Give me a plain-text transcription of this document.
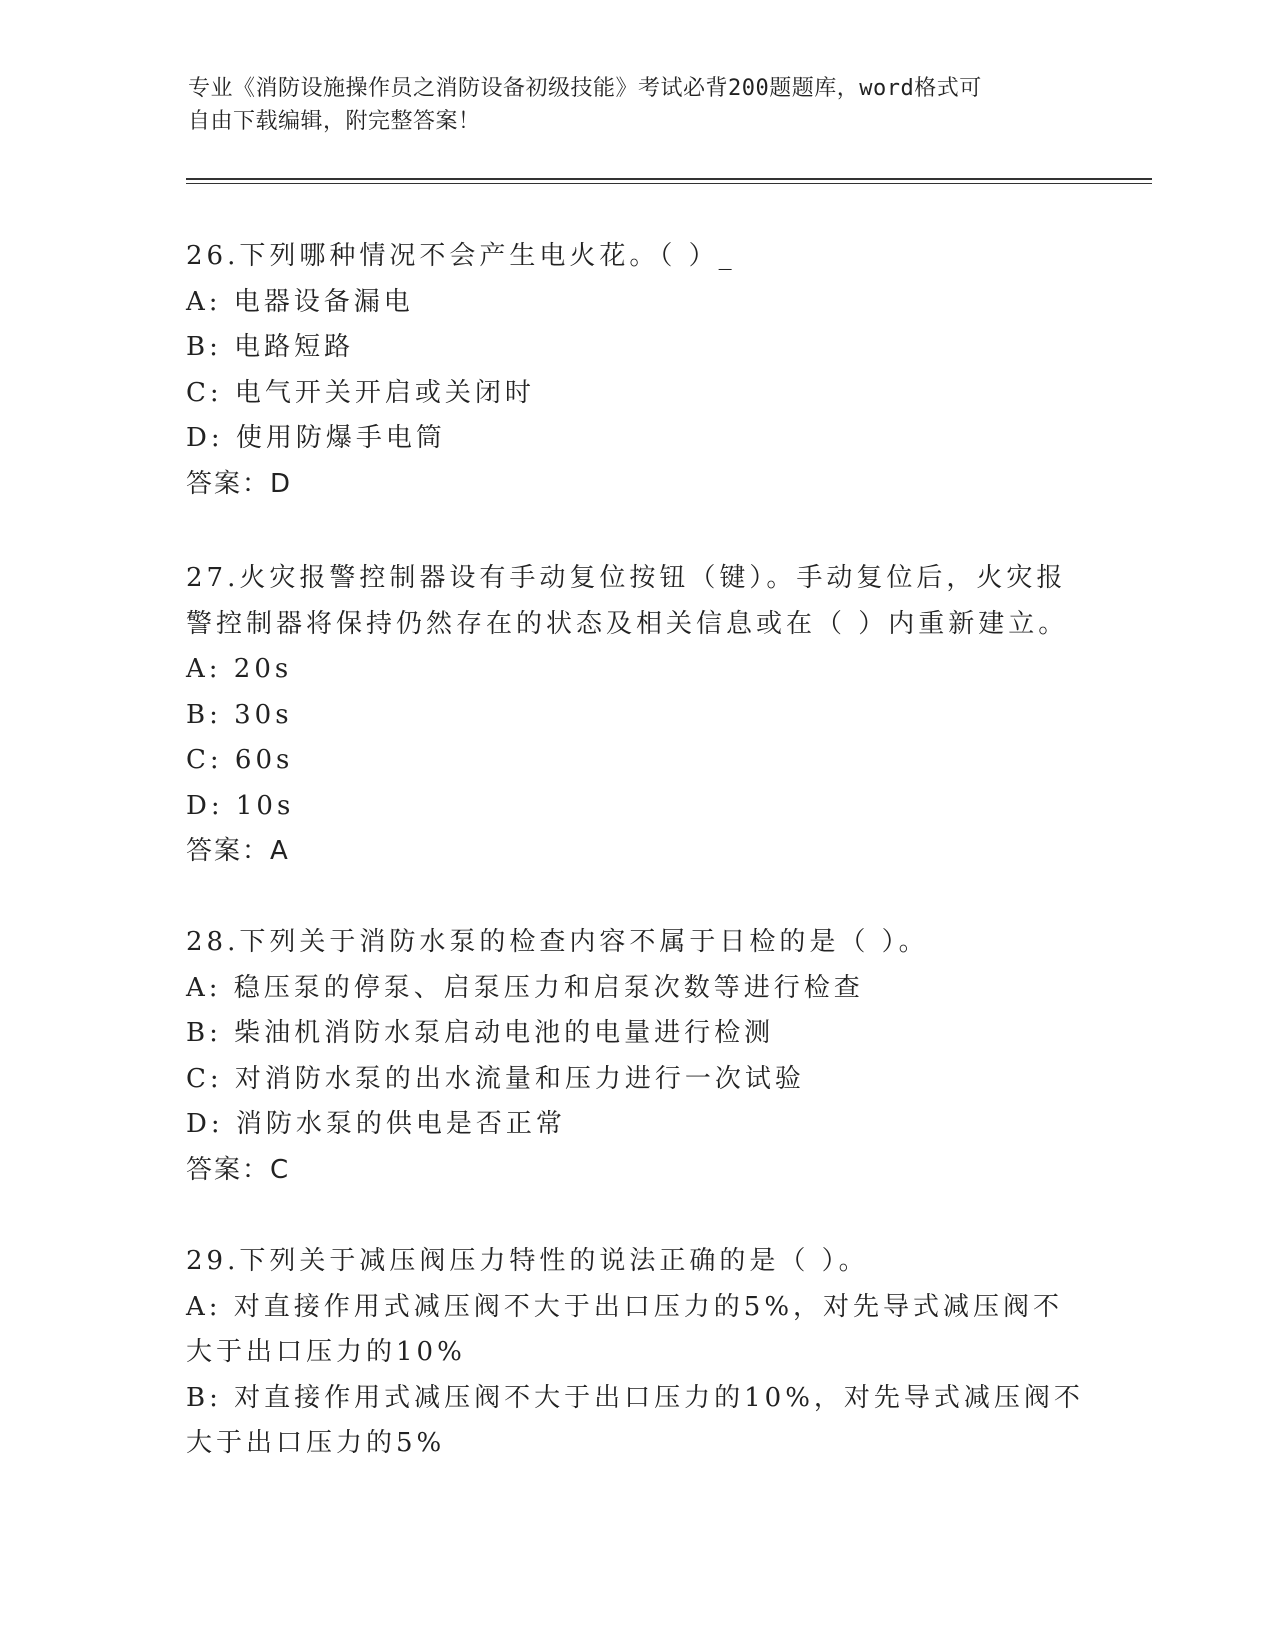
专业《消防设施操作员之消防设备初级技能》考试必背200题题库，word格式可
自由下载编辑，附完整答案！

26.下列哪种情况不会产生电火花。（ ）_

A: 电器设备漏电

B: 电路短路

C: 电气开关开启或关闭时

D: 使用防爆手电筒

答案：D

27.火灾报警控制器设有手动复位按钮（键）。手动复位后，火灾报警控制器将保持仍然存在的状态及相关信息或在（ ）内重新建立。

A: 20s

B: 30s

C: 60s

D: 10s

答案：A

28.下列关于消防水泵的检查内容不属于日检的是（ ）。

A: 稳压泵的停泵、启泵压力和启泵次数等进行检查

B: 柴油机消防水泵启动电池的电量进行检测

C: 对消防水泵的出水流量和压力进行一次试验

D: 消防水泵的供电是否正常

答案：C

29.下列关于减压阀压力特性的说法正确的是（ ）。

A: 对直接作用式减压阀不大于出口压力的5%，对先导式减压阀不大于出口压力的10%

B: 对直接作用式减压阀不大于出口压力的10%，对先导式减压阀不大于出口压力的5%
